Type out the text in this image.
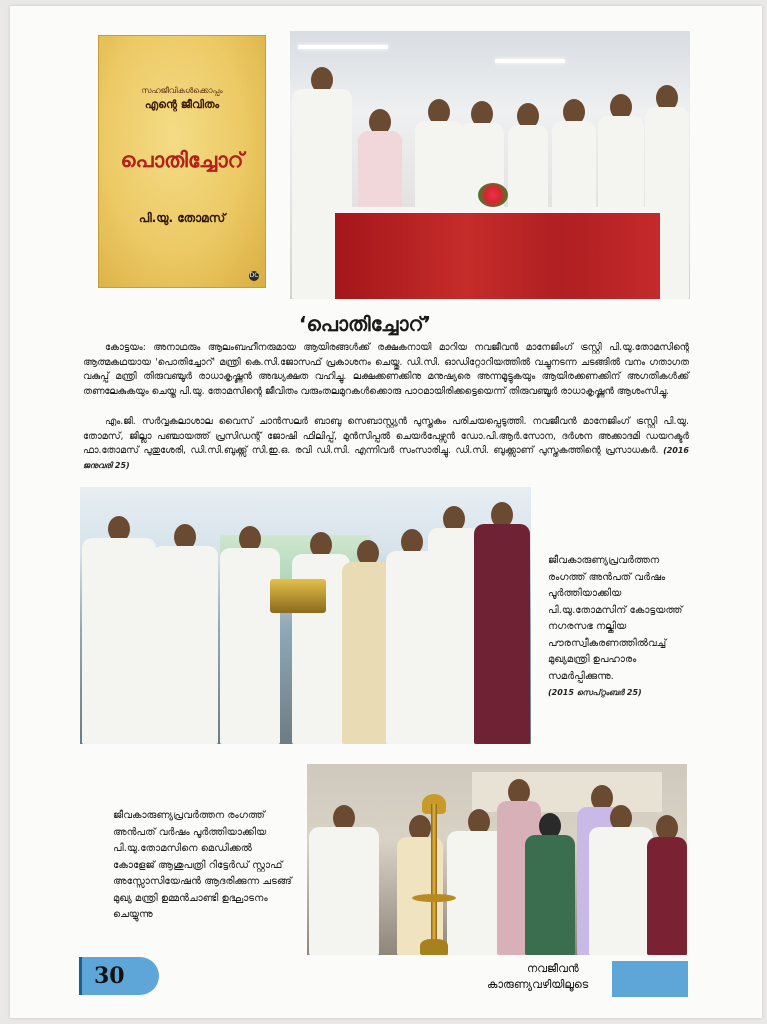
സഹജീവികൾക്കൊപ്പം
എന്റെ ജീവിതം
പൊതിച്ചോറ്
പി.യു. തോമസ്
DC
‘പൊതിച്ചോറ്’

കോട്ടയം: അനാഥരും ആലംബഹീനരുമായ ആയിരങ്ങൾക്ക് രക്ഷകനായി മാറിയ നവജീവൻ മാനേജിംഗ് ട്രസ്റ്റി പി.യു.തോമസിന്റെ ആത്മകഥയായ 'പൊതിച്ചോറ്' മന്ത്രി കെ.സി.ജോസഫ് പ്രകാശനം ചെയ്തു. ഡി.സി. ഓഡിറ്റോറിയത്തിൽ വച്ചുനടന്ന ചടങ്ങിൽ വനം ഗതാഗത വകുപ്പ് മന്ത്രി തിരുവഞ്ചൂർ രാധാകൃഷ്ണൻ അദ്ധ്യക്ഷത വഹിച്ചു. ലക്ഷക്കണക്കിനു മനുഷ്യരെ അന്നമൂട്ടുകയും ആയിരക്കണക്കിന് അഗതികൾക്ക് തണലേകുകയും ചെയ്ത പി.യു. തോമസിന്റെ ജീവിതം വരുംതലമുറകൾക്കൊരു പാഠമായിരിക്കട്ടെയെന്ന് തിരുവഞ്ചൂർ രാധാകൃഷ്ണൻ ആശംസിച്ചു.

എം.ജി. സർവ്വകലാശാല വൈസ് ചാൻസലർ ബാബു സെബാസ്റ്റ്യൻ പുസ്തകം പരിചയപ്പെടുത്തി. നവജീവൻ മാനേജിംഗ് ട്രസ്റ്റി പി.യു. തോമസ്, ജില്ലാ പഞ്ചായത്ത് പ്രസിഡന്റ് ജോഷി ഫിലിപ്പ്, മുൻസിപ്പൽ ചെയർപേഴ്സൻ ഡോ.പി.ആർ.സോന, ദർശന അക്കാദമി ഡയറക്ടർ ഫാ.തോമസ് പുതുശേരി, ഡി.സി.ബുക്ക്സ് സി.ഇ.ഒ. രവി ഡി.സി. എന്നിവർ സംസാരിച്ചു. ഡി.സി. ബുക്ക്സാണ് പുസ്തകത്തിന്റെ പ്രസാധകർ. (2016 ജനുവരി 25)

ജീവകാരുണ്യപ്രവർത്തന രംഗത്ത് അൻപത് വർഷം പൂർത്തിയാക്കിയ പി.യു.തോമസിന് കോട്ടയത്ത് നഗരസഭ നല്കിയ പൗരസ്വീകരണത്തിൽവച്ച് മുഖ്യമന്ത്രി ഉപഹാരം സമർപ്പിക്കുന്നു.
(2015 സെപ്റ്റംബർ 25)
ജീവകാരുണ്യപ്രവർത്തന രംഗത്ത് അൻപത് വർഷം പൂർത്തിയാക്കിയ പി.യു.തോമസിനെ മെഡിക്കൽ കോളേജ് ആശുപത്രി റിട്ടേർഡ് സ്റ്റാഫ് അസ്സോസിയേഷൻ ആദരിക്കുന്ന ചടങ്ങ് മുഖ്യ മന്ത്രി ഉമ്മൻചാണ്ടി ഉദ്ഘാടനം ചെയ്യുന്നു
30	നവജീവൻ
കാരുണ്യവഴിയിലൂടെ
